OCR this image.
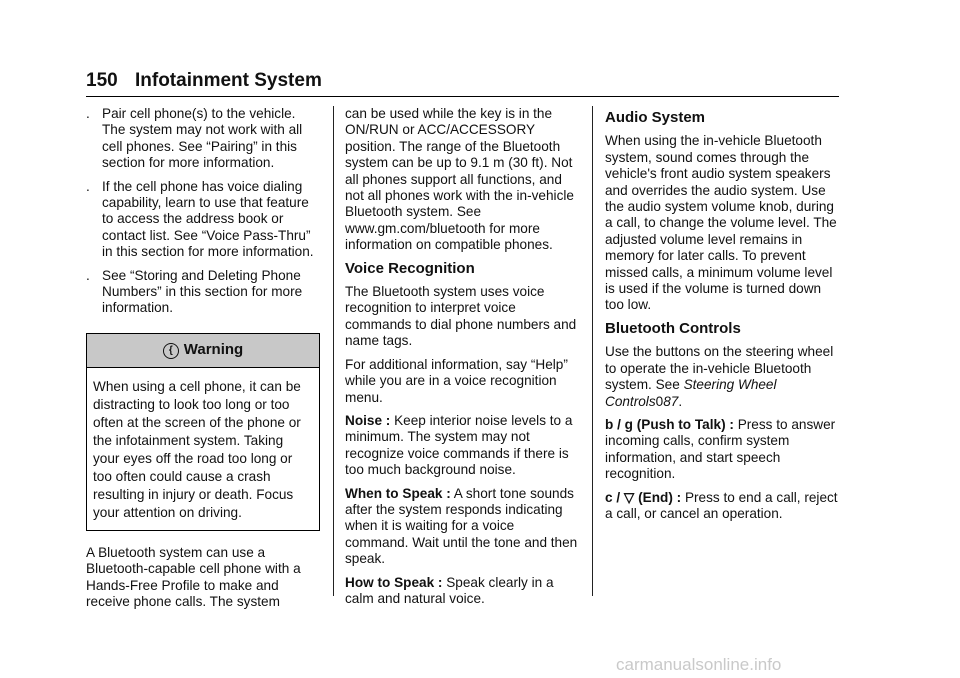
150 Infotainment System
. Pair cell phone(s) to the vehicle. The system may not work with all cell phones. See “Pairing” in this section for more information.
. If the cell phone has voice dialing capability, learn to use that feature to access the address book or contact list. See “Voice Pass-Thru” in this section for more information.
. See “Storing and Deleting Phone Numbers” in this section for more information.
{ Warning
When using a cell phone, it can be distracting to look too long or too often at the screen of the phone or the infotainment system. Taking your eyes off the road too long or too often could cause a crash resulting in injury or death. Focus your attention on driving.

A Bluetooth system can use a Bluetooth-capable cell phone with a Hands-Free Profile to make and receive phone calls. The system

can be used while the key is in the ON/RUN or ACC/ACCESSORY position. The range of the Bluetooth system can be up to 9.1 m (30 ft). Not all phones support all functions, and not all phones work with the in-vehicle Bluetooth system. See www.gm.com/bluetooth for more information on compatible phones.

Voice Recognition

The Bluetooth system uses voice recognition to interpret voice commands to dial phone numbers and name tags.

For additional information, say “Help” while you are in a voice recognition menu.

Noise : Keep interior noise levels to a minimum. The system may not recognize voice commands if there is too much background noise.

When to Speak : A short tone sounds after the system responds indicating when it is waiting for a voice command. Wait until the tone and then speak.

How to Speak : Speak clearly in a calm and natural voice.

Audio System

When using the in-vehicle Bluetooth system, sound comes through the vehicle's front audio system speakers and overrides the audio system. Use the audio system volume knob, during a call, to change the volume level. The adjusted volume level remains in memory for later calls. To prevent missed calls, a minimum volume level is used if the volume is turned down too low.

Bluetooth Controls

Use the buttons on the steering wheel to operate the in-vehicle Bluetooth system. See Steering Wheel Controls087.

b / g (Push to Talk) : Press to answer incoming calls, confirm system information, and start speech recognition.

c / ▽ (End) : Press to end a call, reject a call, or cancel an operation.

carmanualsonline.info
